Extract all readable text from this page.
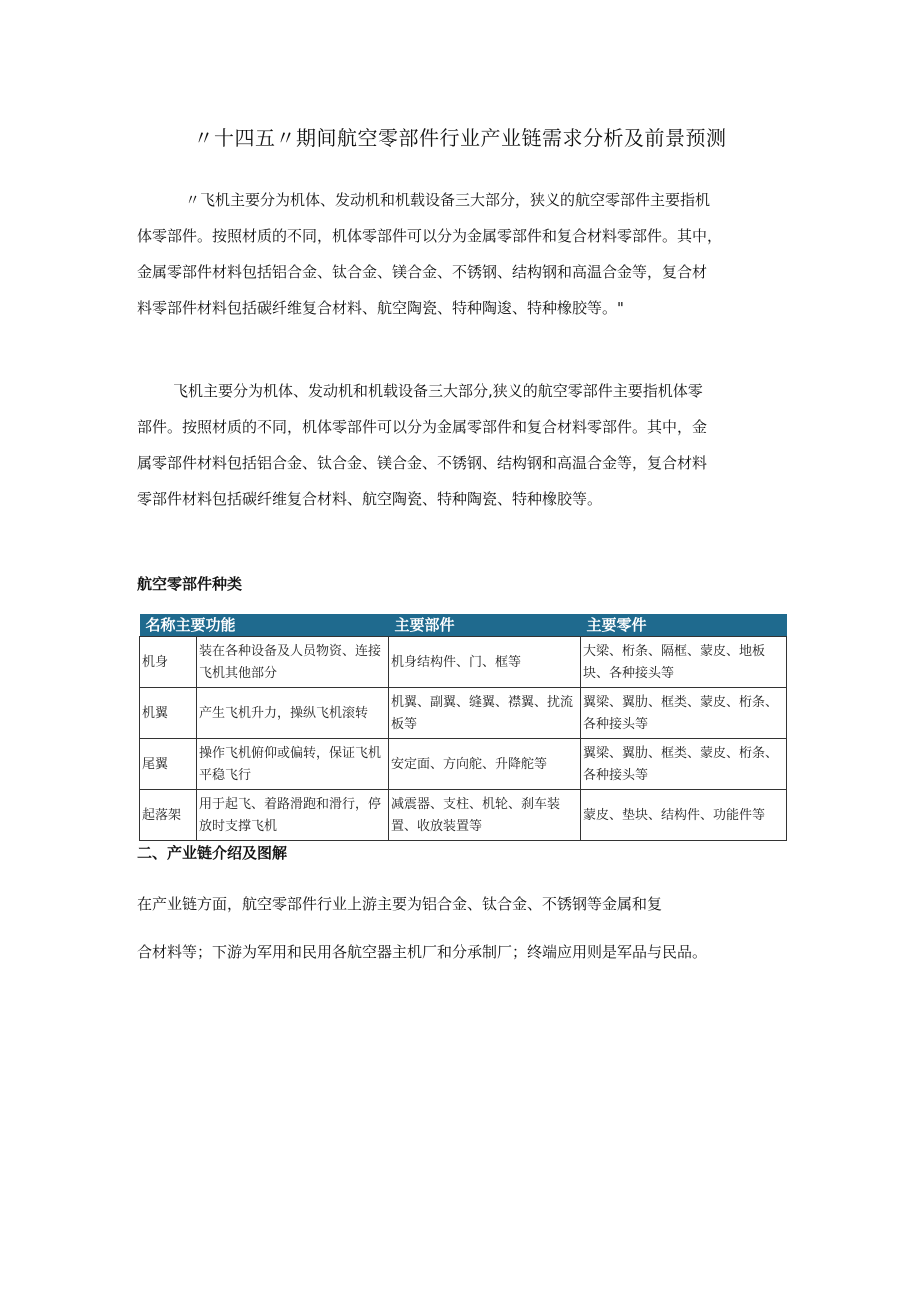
〃十四五〃期间航空零部件行业产业链需求分析及前景预测

〃飞机主要分为机体、发动机和机载设备三大部分，狭义的航空零部件主要指机
体零部件。按照材质的不同，机体零部件可以分为金属零部件和复合材料零部件。其中，
金属零部件材料包括铝合金、钛合金、镁合金、不锈钢、结构钢和高温合金等，复合材
料零部件材料包括碳纤维复合材料、航空陶瓷、特种陶逡、特种橡胶等。"

飞机主要分为机体、发动机和机载设备三大部分,狭义的航空零部件主要指机体零
部件。按照材质的不同，机体零部件可以分为金属零部件和复合材料零部件。其中，金
属零部件材料包括铝合金、钛合金、镁合金、不锈钢、结构钢和高温合金等，复合材料
零部件材料包括碳纤维复合材料、航空陶瓷、特种陶瓷、特种橡胶等。

航空零部件种类
名称主要功能		主要部件	主要零件
机身	装在各种设备及人员物资、连接飞机其他部分	机身结构件、门、框等	大梁、桁条、隔框、蒙皮、地板块、各种接头等
机翼	产生飞机升力，操纵飞机滚转	机翼、副翼、缝翼、襟翼、扰流板等	翼梁、翼肋、框类、蒙皮、桁条、各种接头等
尾翼	操作飞机俯仰或偏转，保证飞机平稳飞行	安定面、方向舵、升降舵等	翼梁、翼肋、框类、蒙皮、桁条、各种接头等
起落架	用于起飞、着路滑跑和滑行，停放时支撑飞机	减震器、支柱、机轮、刹车装置、收放装置等	蒙皮、垫块、结构件、功能件等
二、产业链介绍及图解

在产业链方面，航空零部件行业上游主要为铝合金、钛合金、不锈钢等金属和复
合材料等；下游为军用和民用各航空器主机厂和分承制厂；终端应用则是军品与民品。
